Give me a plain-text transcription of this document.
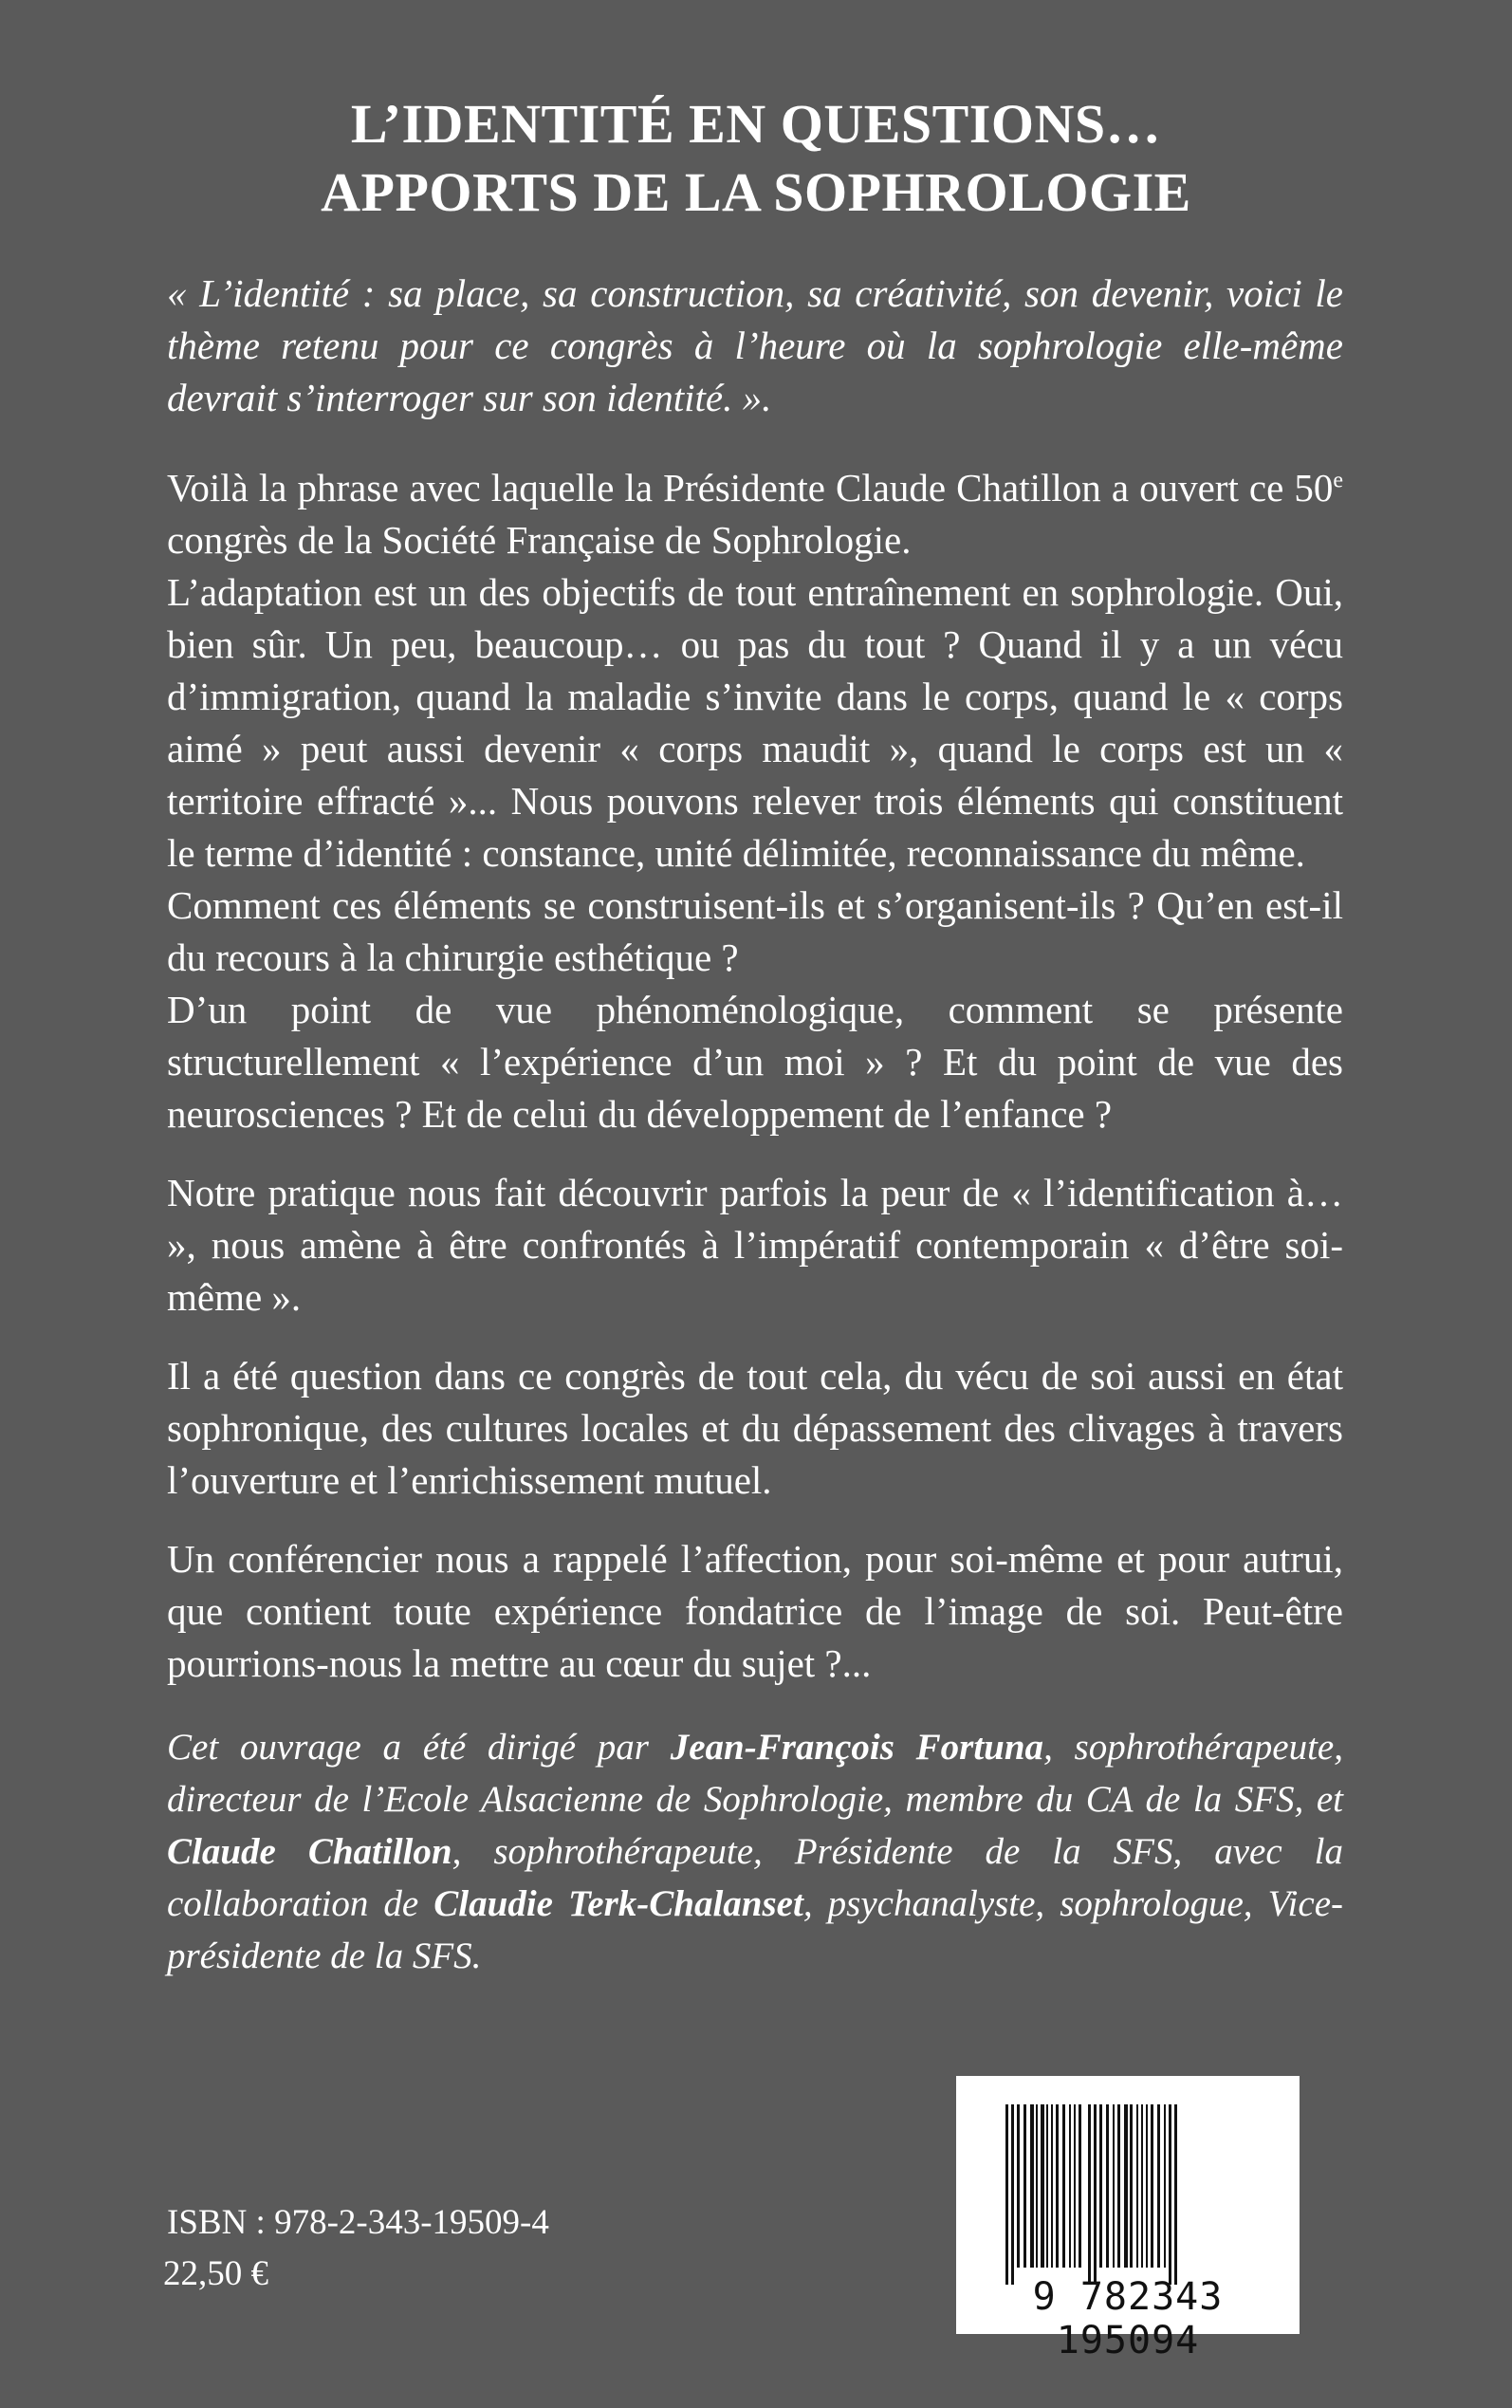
L’IDENTITÉ EN QUESTIONS…
APPORTS DE LA SOPHROLOGIE

« L’identité : sa place, sa construction, sa créativité, son devenir, voici le thème retenu pour ce congrès à l’heure où la sophrologie elle-même devrait s’interroger sur son identité. ».

Voilà la phrase avec laquelle la Présidente Claude Chatillon a ouvert ce 50e congrès de la Société Française de Sophrologie.

L’adaptation est un des objectifs de tout entraînement en sophrologie. Oui, bien sûr. Un peu, beaucoup… ou pas du tout ? Quand il y a un vécu d’immigration, quand la maladie s’invite dans le corps, quand le « corps aimé » peut aussi devenir « corps maudit », quand le corps est un « territoire effracté »... Nous pouvons relever trois éléments qui constituent le terme d’identité : constance, unité délimitée, reconnaissance du même.

Comment ces éléments se construisent-ils et s’organisent-ils ? Qu’en est-il du recours à la chirurgie esthétique ?

D’un point de vue phénoménologique, comment se présente structurellement « l’expérience d’un moi » ? Et du point de vue des neurosciences ? Et de celui du développement de l’enfance ?

Notre pratique nous fait découvrir parfois la peur de « l’identification à… », nous amène à être confrontés à l’impératif contemporain « d’être soi-même ».

Il a été question dans ce congrès de tout cela, du vécu de soi aussi en état sophronique, des cultures locales et du dépassement des clivages à travers l’ouverture et l’enrichissement mutuel.

Un conférencier nous a rappelé l’affection, pour soi-même et pour autrui, que contient toute expérience fondatrice de l’image de soi. Peut-être pourrions-nous la mettre au cœur du sujet ?...

Cet ouvrage a été dirigé par Jean-François Fortuna, sophrothérapeute, directeur de l’Ecole Alsacienne de Sophrologie, membre du CA de la SFS, et Claude Chatillon, sophrothérapeute, Présidente de la SFS, avec la collaboration de Claudie Terk-Chalanset, psychanalyste, sophrologue, Vice-présidente de la SFS.
ISBN : 978-2-343-19509-4
22,50 €
9 782343 195094
